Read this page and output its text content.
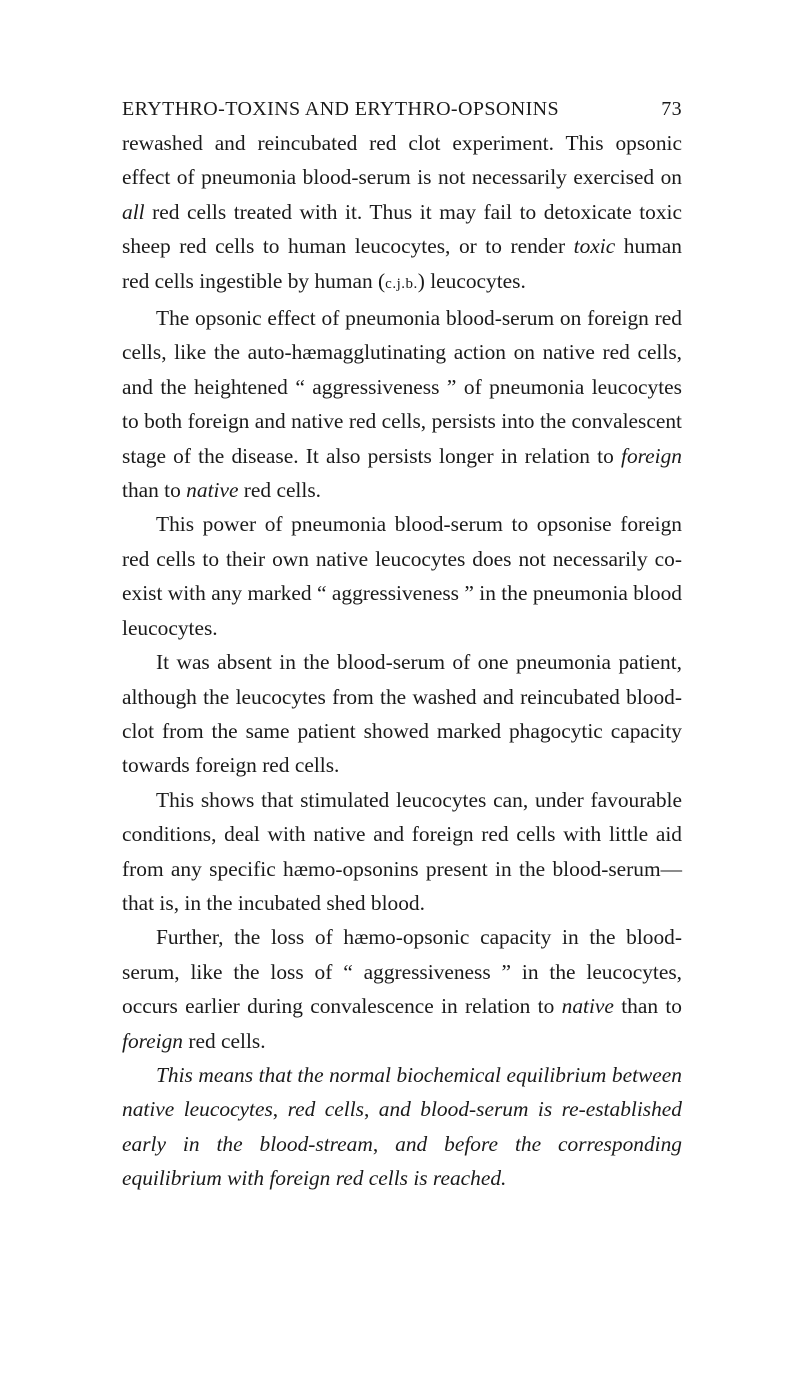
ERYTHRO-TOXINS AND ERYTHRO-OPSONINS	73

rewashed and reincubated red clot experiment. This opsonic effect of pneumonia blood-serum is not necessarily exercised on all red cells treated with it. Thus it may fail to detoxicate toxic sheep red cells to human leucocytes, or to render toxic human red cells ingestible by human (c.j.b.) leucocytes.

The opsonic effect of pneumonia blood-serum on foreign red cells, like the auto-hæmagglutinating action on native red cells, and the heightened “ aggressiveness ” of pneumonia leucocytes to both foreign and native red cells, persists into the convalescent stage of the disease. It also persists longer in relation to foreign than to native red cells.

This power of pneumonia blood-serum to opsonise foreign red cells to their own native leucocytes does not necessarily co-exist with any marked “ aggressiveness ” in the pneumonia blood leucocytes.

It was absent in the blood-serum of one pneumonia patient, although the leucocytes from the washed and reincubated blood-clot from the same patient showed marked phagocytic capacity towards foreign red cells.

This shows that stimulated leucocytes can, under favourable conditions, deal with native and foreign red cells with little aid from any specific hæmo-opsonins present in the blood-serum—that is, in the incubated shed blood.

Further, the loss of hæmo-opsonic capacity in the blood-serum, like the loss of “ aggressiveness ” in the leucocytes, occurs earlier during convalescence in relation to native than to foreign red cells.

This means that the normal biochemical equilibrium between native leucocytes, red cells, and blood-serum is re-established early in the blood-stream, and before the corresponding equilibrium with foreign red cells is reached.
